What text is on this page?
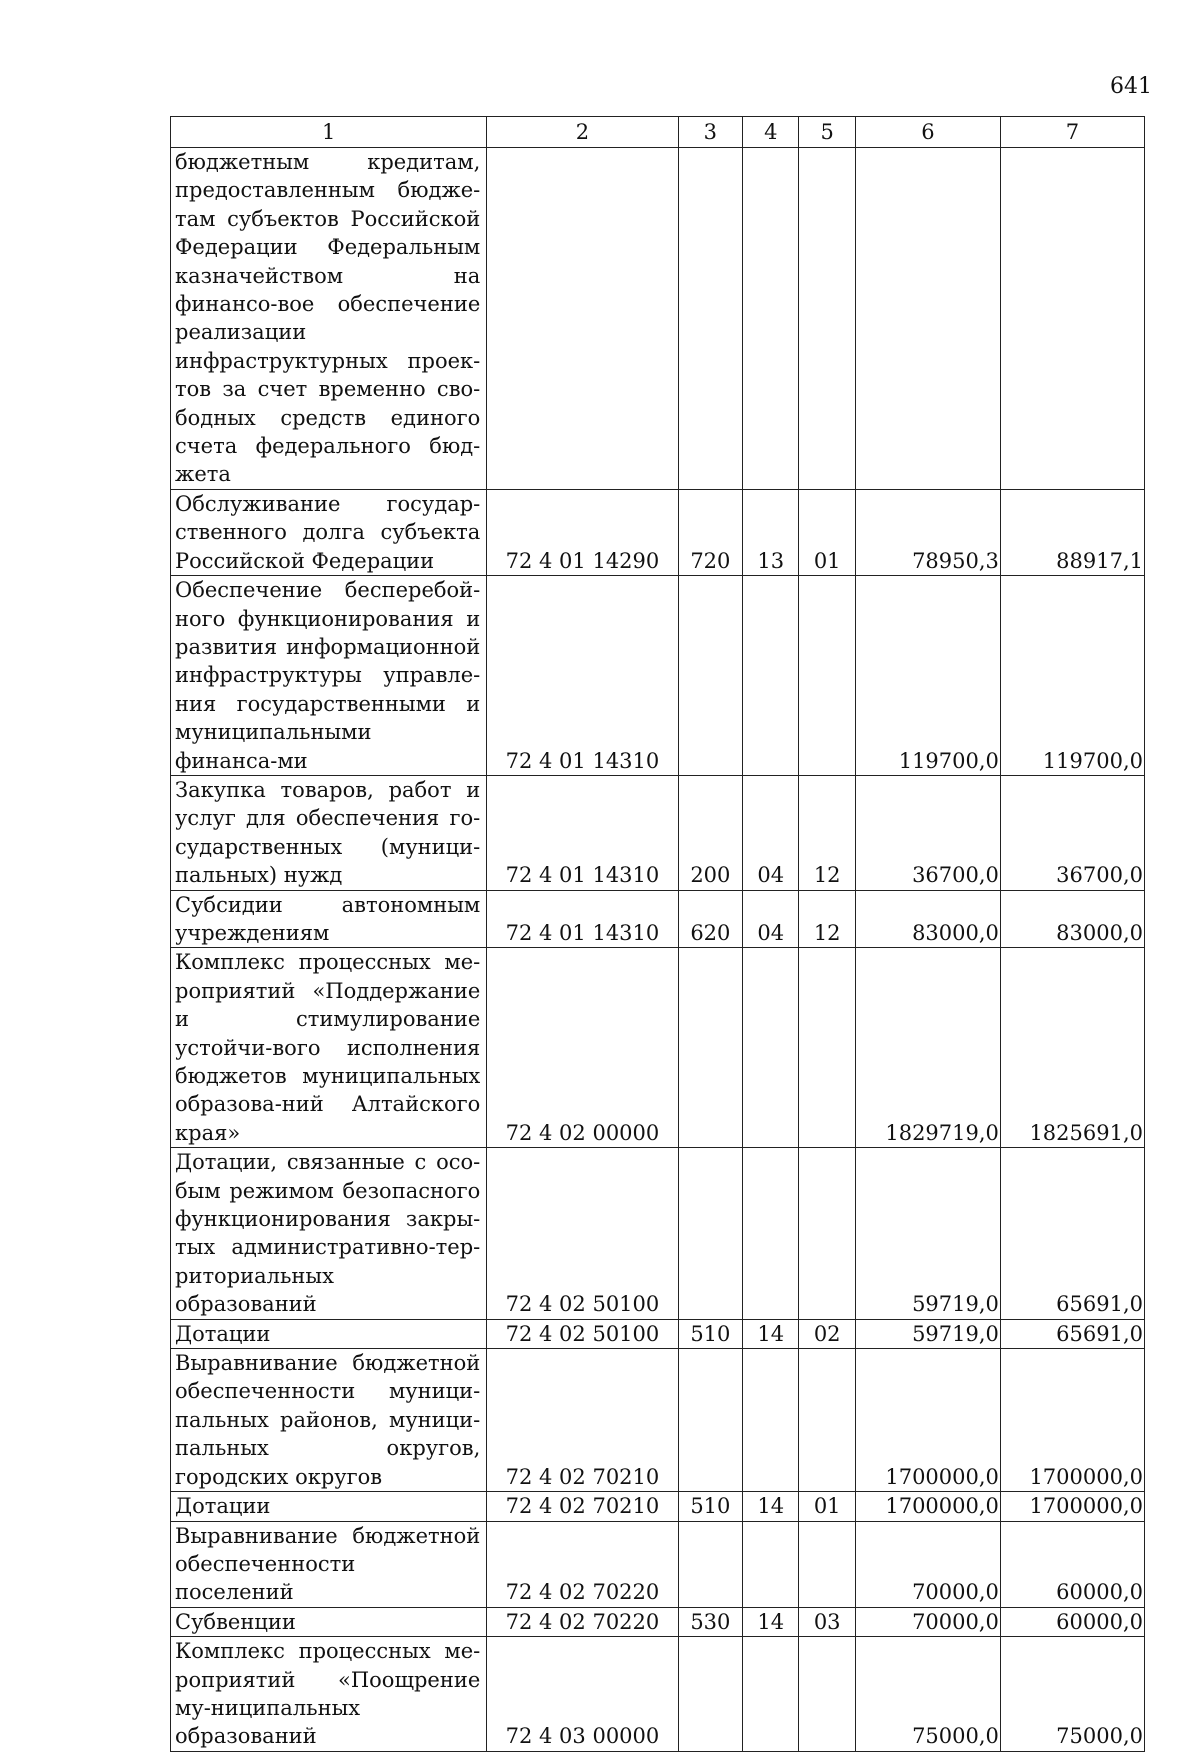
641
1	2	3	4	5	6	7

бюджетным кредитам, предоставленным бюдже-там субъектов Российской Федерации Федеральным казначейством на финансо-вое обеспечение реализации инфраструктурных проек-тов за счет временно сво-бодных средств единого счета федерального бюд-жета						

Обслуживание государ-ственного долга субъекта Российской Федерации	72 4 01 14290	720	13	01	78950,3	88917,1

Обеспечение бесперебой-ного функционирования и развития информационной инфраструктуры управле-ния государственными и муниципальными финанса-ми	72 4 01 14310				119700,0	119700,0

Закупка товаров, работ и услуг для обеспечения го-сударственных (муници-пальных) нужд	72 4 01 14310	200	04	12	36700,0	36700,0

Субсидии автономным учреждениям	72 4 01 14310	620	04	12	83000,0	83000,0

Комплекс процессных ме-роприятий «Поддержание и стимулирование устойчи-вого исполнения бюджетов муниципальных образова-ний Алтайского края»	72 4 02 00000				1829719,0	1825691,0

Дотации, связанные с осо-бым режимом безопасного функционирования закры-тых административно-тер-риториальных образований	72 4 02 50100				59719,0	65691,0

Дотации	72 4 02 50100	510	14	02	59719,0	65691,0

Выравнивание бюджетной обеспеченности муници-пальных районов, муници-пальных округов, городских округов	72 4 02 70210				1700000,0	1700000,0

Дотации	72 4 02 70210	510	14	01	1700000,0	1700000,0

Выравнивание бюджетной обеспеченности поселений	72 4 02 70220				70000,0	60000,0

Субвенции	72 4 02 70220	530	14	03	70000,0	60000,0

Комплекс процессных ме-роприятий «Поощрение му-ниципальных образований	72 4 03 00000				75000,0	75000,0
